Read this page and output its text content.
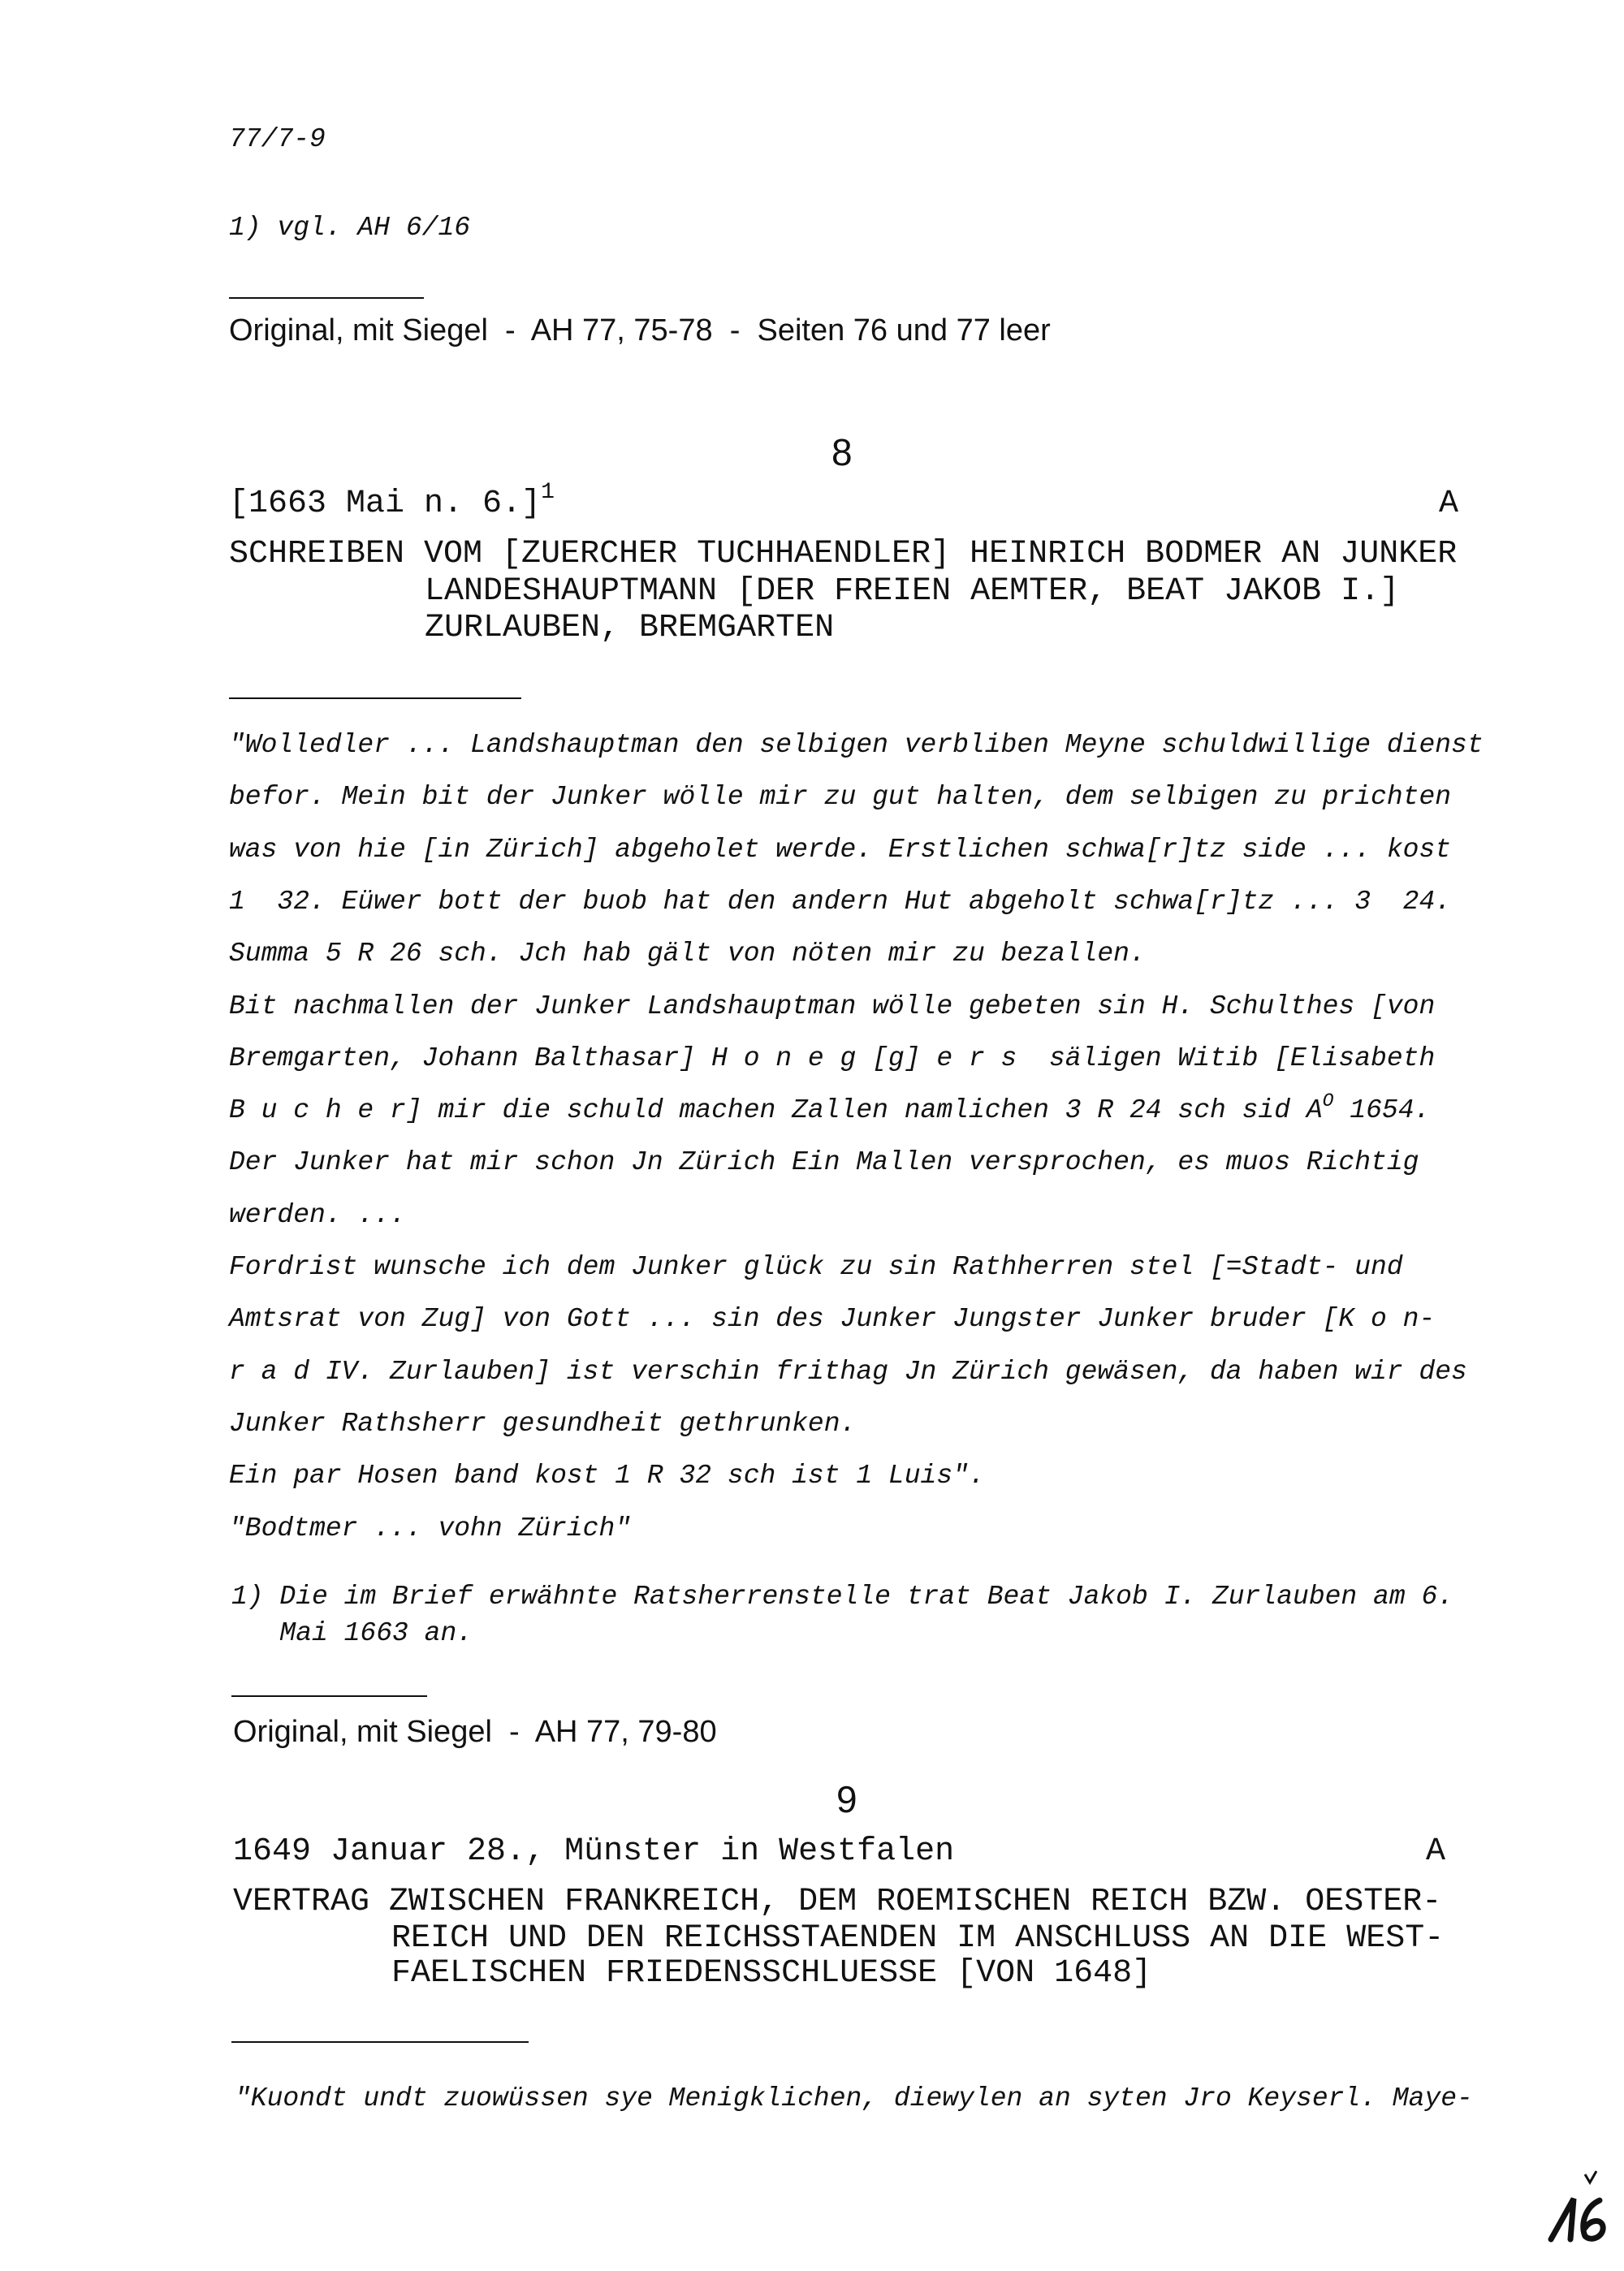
77/7-9
1) vgl. AH 6/16
Original, mit Siegel  -  AH 77, 75-78  -  Seiten 76 und 77 leer
8
[1663 Mai n. 6.]$^1$	A
SCHREIBEN VOM [ZUERCHER TUCHHAENDLER] HEINRICH BODMER AN JUNKER
LANDESHAUPTMANN [DER FREIEN AEMTER, BEAT JAKOB I.]
ZURLAUBEN, BREMGARTEN
"Wolledler ... Landshauptman den selbigen verbliben Meyne schuldwillige dienst
befor. Mein bit der Junker wölle mir zu gut halten, dem selbigen zu prichten
was von hie [in Zürich] abgeholet werde. Erstlichen schwa[r]tz side ... kost
1  32. Eüwer bott der buob hat den andern Hut abgeholt schwa[r]tz ... 3  24.
Summa 5 R 26 sch. Jch hab gält von nöten mir zu bezallen.
Bit nachmallen der Junker Landshauptman wölle gebeten sin H. Schulthes [von
Bremgarten, Johann Balthasar] H o n e g [g] e r s  säligen Witib [Elisabeth
B u c h e r] mir die schuld machen Zallen namlichen 3 R 24 sch sid $A^O$ 1654.
Der Junker hat mir schon Jn Zürich Ein Mallen versprochen, es muos Richtig
werden. ...
Fordrist wunsche ich dem Junker glück zu sin Rathherren stel [=Stadt- und
Amtsrat von Zug] von Gott ... sin des Junker Jungster Junker bruder [K o n-
r a d IV. Zurlauben] ist verschin frithag Jn Zürich gewäsen, da haben wir des
Junker Rathsherr gesundheit gethrunken.
Ein par Hosen band kost 1 R 32 sch ist 1 Luis".
"Bodtmer ... vohn Zürich"
1) Die im Brief erwähnte Ratsherrenstelle trat Beat Jakob I. Zurlauben am 6.
Mai 1663 an.
Original, mit Siegel  -  AH 77, 79-80
9
1649 Januar 28., Münster in Westfalen	A
VERTRAG ZWISCHEN FRANKREICH, DEM ROEMISCHEN REICH BZW. OESTER-
REICH UND DEN REICHSSTAENDEN IM ANSCHLUSS AN DIE WEST-
FAELISCHEN FRIEDENSSCHLUESSE [VON 1648]
"Kuondt undt zuowüssen sye Menigklichen, diewylen an syten Jro Keyserl. Maye-
